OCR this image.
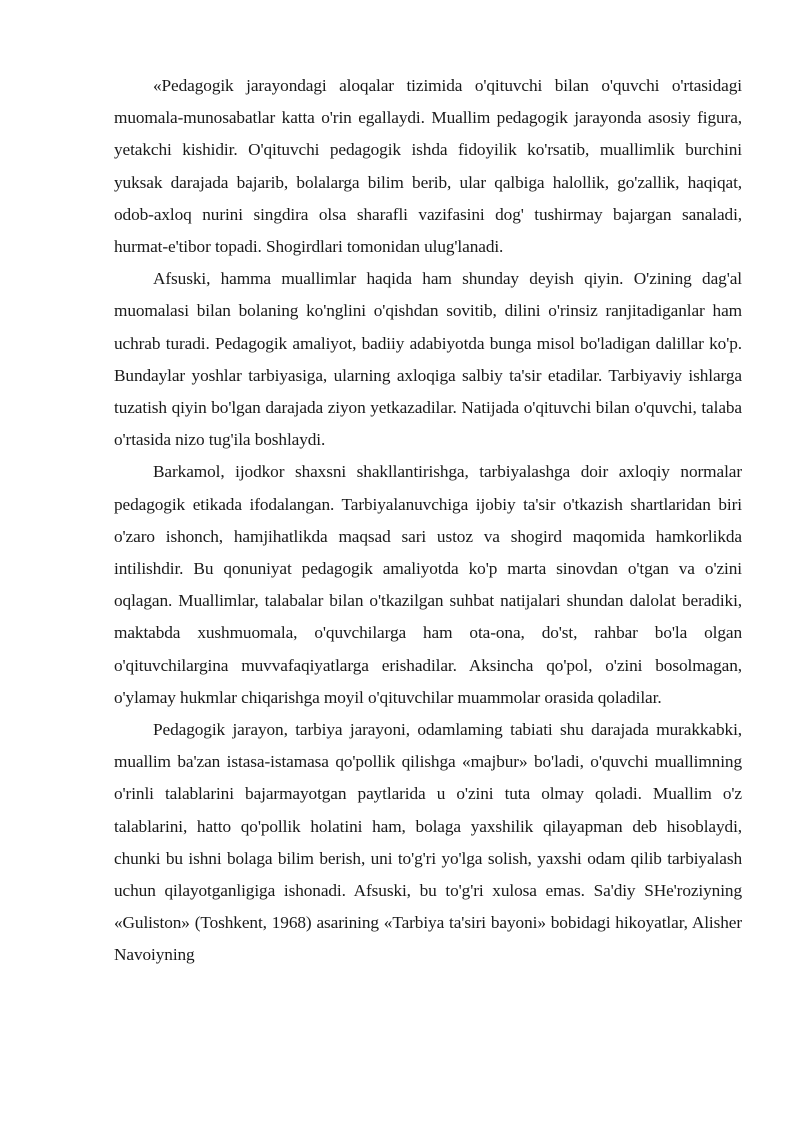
«Pedagogik jarayondagi aloqalar tizimida o'qituvchi bilan o'quvchi o'rtasidagi muomala-munosabatlar katta o'rin egallaydi. Muallim pedagogik jarayonda asosiy figura, yetakchi kishidir. O'qituvchi pedagogik ishda fidoyilik ko'rsatib, muallimlik burchini yuksak darajada bajarib, bolalarga bilim berib, ular qalbiga halollik, go'zallik, haqiqat, odob-axloq nurini singdira olsa sharafli vazifasini dog' tushirmay bajargan sanaladi, hurmat-e'tibor topadi. Shogirdlari tomonidan ulug'lanadi.

Afsuski, hamma muallimlar haqida ham shunday deyish qiyin. O'zining dag'al muomalasi bilan bolaning ko'nglini o'qishdan sovitib, dilini o'rinsiz ranjitadiganlar ham uchrab turadi. Pedagogik amaliyot, badiiy adabiyotda bunga misol bo'ladigan dalillar ko'p. Bundaylar yoshlar tarbiyasiga, ularning axloqiga salbiy ta'sir etadilar. Tarbiyaviy ishlarga tuzatish qiyin bo'lgan darajada ziyon yetkazadilar. Natijada o'qituvchi bilan o'quvchi, talaba o'rtasida nizo tug'ila boshlaydi.

Barkamol, ijodkor shaxsni shakllantirishga, tarbiyalashga doir axloqiy normalar pedagogik etikada ifodalangan. Tarbiyalanuvchiga ijobiy ta'sir o'tkazish shartlaridan biri o'zaro ishonch, hamjihatlikda maqsad sari ustoz va shogird maqomida hamkorlikda intilishdir. Bu qonuniyat pedagogik amaliyotda ko'p marta sinovdan o'tgan va o'zini oqlagan. Muallimlar, talabalar bilan o'tkazilgan suhbat natijalari shundan dalolat beradiki, maktabda xushmuomala, o'quvchilarga ham ota-ona, do'st, rahbar bo'la olgan o'qituvchilargina muvvafaqiyatlarga erishadilar. Aksincha qo'pol, o'zini bosolmagan, o'ylamay hukmlar chiqarishga moyil o'qituvchilar muammolar orasida qoladilar.

Pedagogik jarayon, tarbiya jarayoni, odamlaming tabiati shu darajada murakkabki, muallim ba'zan istasa-istamasa qo'pollik qilishga «majbur» bo'ladi, o'quvchi muallimning o'rinli talablarini bajarmayotgan paytlarida u o'zini tuta olmay qoladi. Muallim o'z talablarini, hatto qo'pollik holatini ham, bolaga yaxshilik qilayapman deb hisoblaydi, chunki bu ishni bolaga bilim berish, uni to'g'ri yo'lga solish, yaxshi odam qilib tarbiyalash uchun qilayotganligiga ishonadi. Afsuski, bu to'g'ri xulosa emas. Sa'diy SHe'roziyning «Guliston» (Toshkent, 1968) asarining «Tarbiya ta'siri bayoni» bobidagi hikoyatlar, Alisher Navoiyning
